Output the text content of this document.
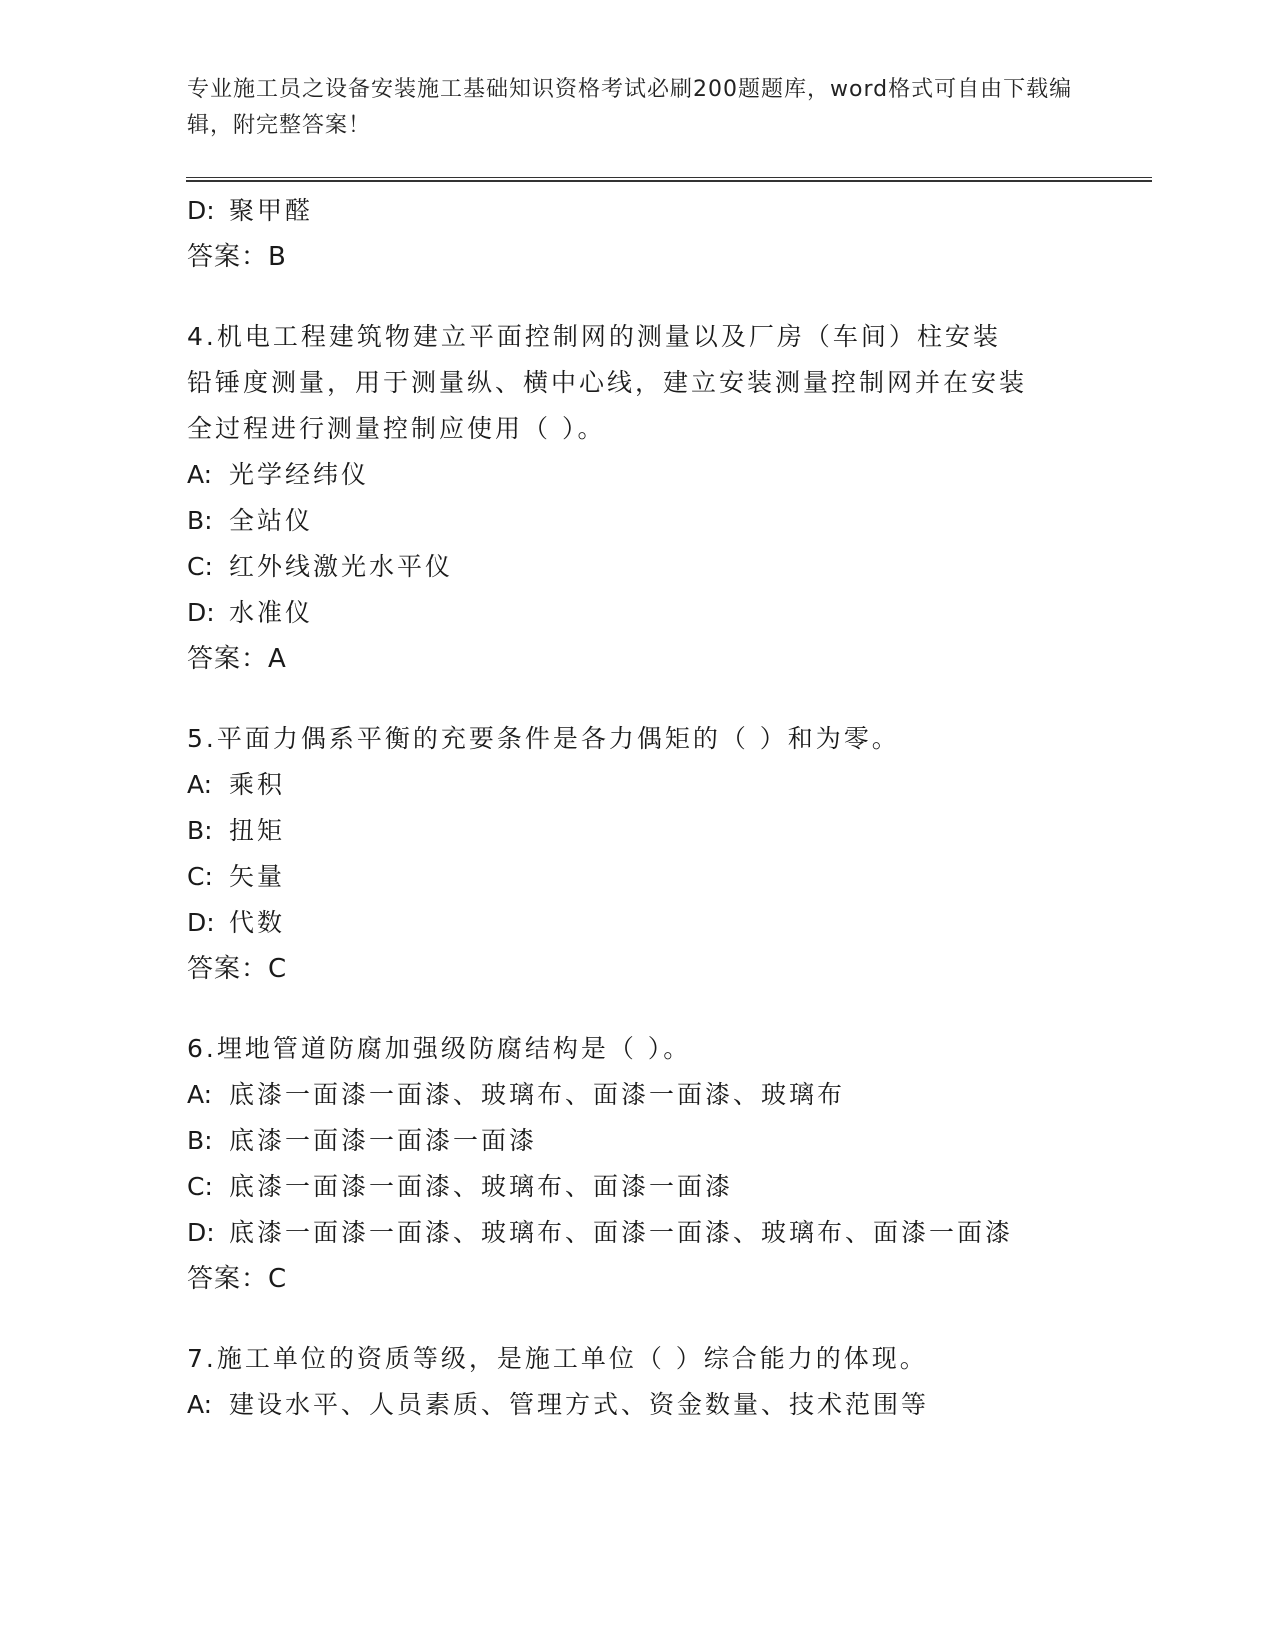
专业施工员之设备安装施工基础知识资格考试必刷200题题库，word格式可自由下载编辑，附完整答案！
D: 聚甲醛
答案：B
4.机电工程建筑物建立平面控制网的测量以及厂房（车间）柱安装铅锤度测量，用于测量纵、横中心线，建立安装测量控制网并在安装全过程进行测量控制应使用（ ）。
A: 光学经纬仪
B: 全站仪
C: 红外线激光水平仪
D: 水准仪
答案：A
5.平面力偶系平衡的充要条件是各力偶矩的（ ）和为零。
A: 乘积
B: 扭矩
C: 矢量
D: 代数
答案：C
6.埋地管道防腐加强级防腐结构是（ ）。
A: 底漆一面漆一面漆、玻璃布、面漆一面漆、玻璃布
B: 底漆一面漆一面漆一面漆
C: 底漆一面漆一面漆、玻璃布、面漆一面漆
D: 底漆一面漆一面漆、玻璃布、面漆一面漆、玻璃布、面漆一面漆
答案：C
7.施工单位的资质等级，是施工单位（ ）综合能力的体现。
A: 建设水平、人员素质、管理方式、资金数量、技术范围等
